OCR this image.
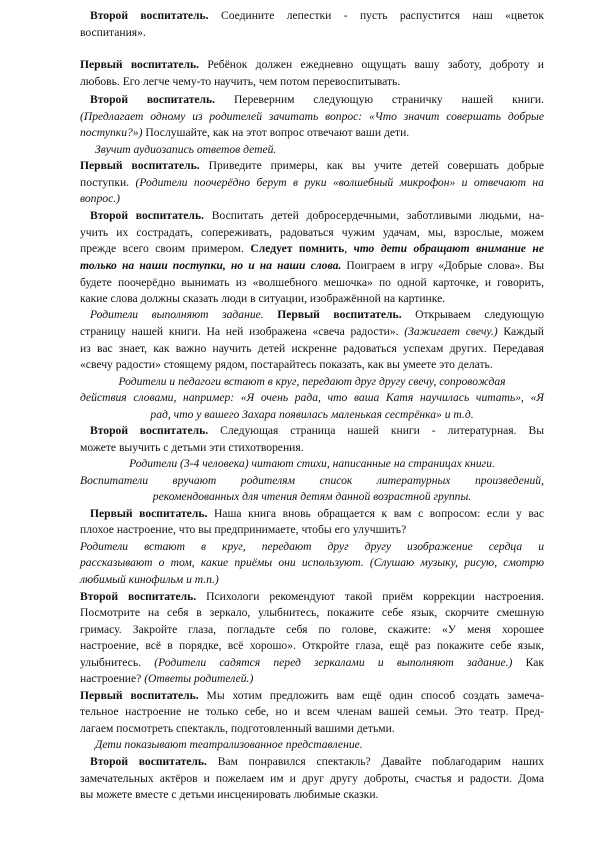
Второй воспитатель. Соедините лепестки - пусть распустится наш «цветок
воспитания».
Первый воспитатель. Ребёнок должен ежедневно ощущать вашу заботу, доброту и
любовь. Его легче чему-то научить, чем потом перевоспитывать.
Второй воспитатель. Переверним следующую страничку нашей книги.
(Предлагает одному из родителей зачитать вопрос: «Что значит совершать добрые
поступки?») Послушайте, как на этот вопрос отвечают ваши дети.
Звучит аудиозапись ответов детей.
Первый воспитатель. Приведите примеры, как вы учите детей совершать добрые
поступки. (Родители поочерёдно берут в руки «волшебный микрофон» и отвечают на
вопрос.)
Второй воспитатель. Воспитать детей добросердечными, заботливыми людьми, на-
учить их сострадать, сопереживать, радоваться чужим удачам, мы, взрослые, можем
прежде всего своим примером. Следует помнить, что дети обращают внимание не
только на наши поступки, но и на наши слова. Поиграем в игру «Добрые слова». Вы
будете поочерёдно вынимать из «волшебного мешочка» по одной карточке, и говорить,
какие слова должны сказать люди в ситуации, изображённой на картинке.
Родители выполняют задание. Первый воспитатель. Открываем следующую
страницу нашей книги. На ней изображена «свеча радости». (Зажигает свечу.) Каждый
из вас знает, как важно научить детей искренне радоваться успехам других. Передавая
«свечу радости» стоящему рядом, постарайтесь показать, как вы умеете это делать.
Родители и педагоги встают в круг, передают друг другу свечу, сопровождая
действия словами, например: «Я очень рада, что ваша Катя научилась читать», «Я
рад, что у вашего Захара появилась маленькая сестрёнка» и т.д.
Второй воспитатель. Следующая страница нашей книги - литературная. Вы
можете выучить с детьми эти стихотворения.
Родители (3-4 человека) читают стихи, написанные на страницах книги.
Воспитатели вручают родителям список литературных произведений,
рекомендованных для чтения детям данной возрастной группы.
Первый воспитатель. Наша книга вновь обращается к вам с вопросом: если у вас
плохое настроение, что вы предпринимаете, чтобы его улучшить?
Родители встают в круг, передают друг другу изображение сердца и
рассказывают о том, какие приёмы они используют. (Слушаю музыку, рисую, смотрю
любимый кинофильм и т.п.)
Второй воспитатель. Психологи рекомендуют такой приём коррекции настроения.
Посмотрите на себя в зеркало, улыбнитесь, покажите себе язык, скорчите смешную
гримасу. Закройте глаза, погладьте себя по голове, скажите: «У меня хорошее
настроение, всё в порядке, всё хорошо». Откройте глаза, ещё раз покажите себе язык,
улыбнитесь. (Родители садятся перед зеркалами и выполняют задание.) Как
настроение? (Ответы родителей.)
Первый воспитатель. Мы хотим предложить вам ещё один способ создать замеча-
тельное настроение не только себе, но и всем членам вашей семьи. Это театр. Пред-
лагаем посмотреть спектакль, подготовленный вашими детьми.
Дети показывают театрализованное представление.
Второй воспитатель. Вам понравился спектакль? Давайте поблагодарим наших
замечательных актёров и пожелаем им и друг другу доброты, счастья и радости. Дома
вы можете вместе с детьми инсценировать любимые сказки.
